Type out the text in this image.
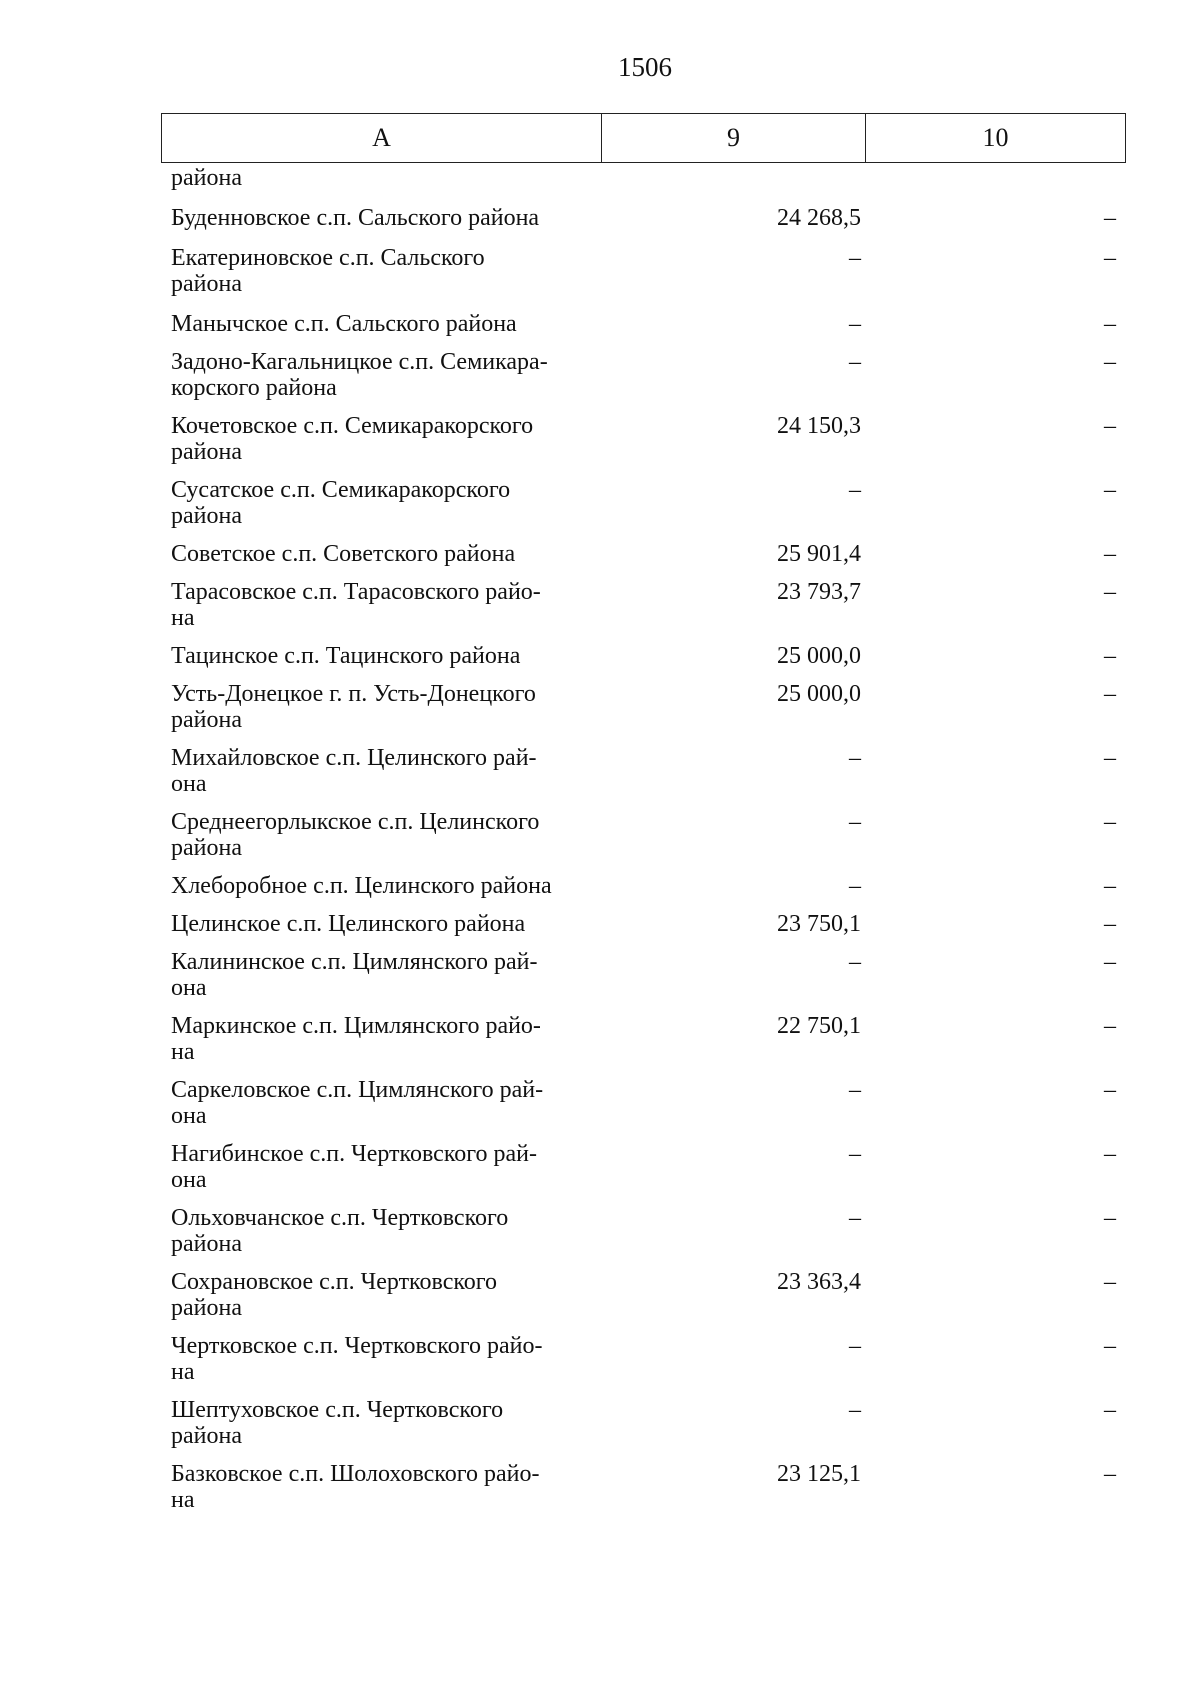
1506
А	9	10
района
Буденновское с.п. Сальского района	24 268,5	–
Екатериновское с.п. Сальского
района
–	–
Манычское с.п. Сальского района	–	–
Задоно-Кагальницкое с.п. Семикара-
корского района
–	–
Кочетовское с.п. Семикаракорского
района
24 150,3	–
Сусатское с.п. Семикаракорского
района
–	–
Советское с.п. Советского района	25 901,4	–
Тарасовское с.п. Тарасовского райо-
на
23 793,7	–
Тацинское с.п. Тацинского района	25 000,0	–
Усть-Донецкое г. п. Усть-Донецкого
района
25 000,0	–
Михайловское с.п. Целинского рай-
она
–	–
Среднеегорлыкское с.п. Целинского
района
–	–
Хлеборобное с.п. Целинского района	–	–
Целинское с.п. Целинского района	23 750,1	–
Калининское с.п. Цимлянского рай-
она
–	–
Маркинское с.п. Цимлянского райо-
на
22 750,1	–
Саркеловское с.п. Цимлянского рай-
она
–	–
Нагибинское с.п. Чертковского рай-
она
–	–
Ольховчанское с.п. Чертковского
района
–	–
Сохрановское с.п. Чертковского
района
23 363,4	–
Чертковское с.п. Чертковского райо-
на
–	–
Шептуховское с.п. Чертковского
района
–	–
Базковское с.п. Шолоховского райо-
на
23 125,1	–
